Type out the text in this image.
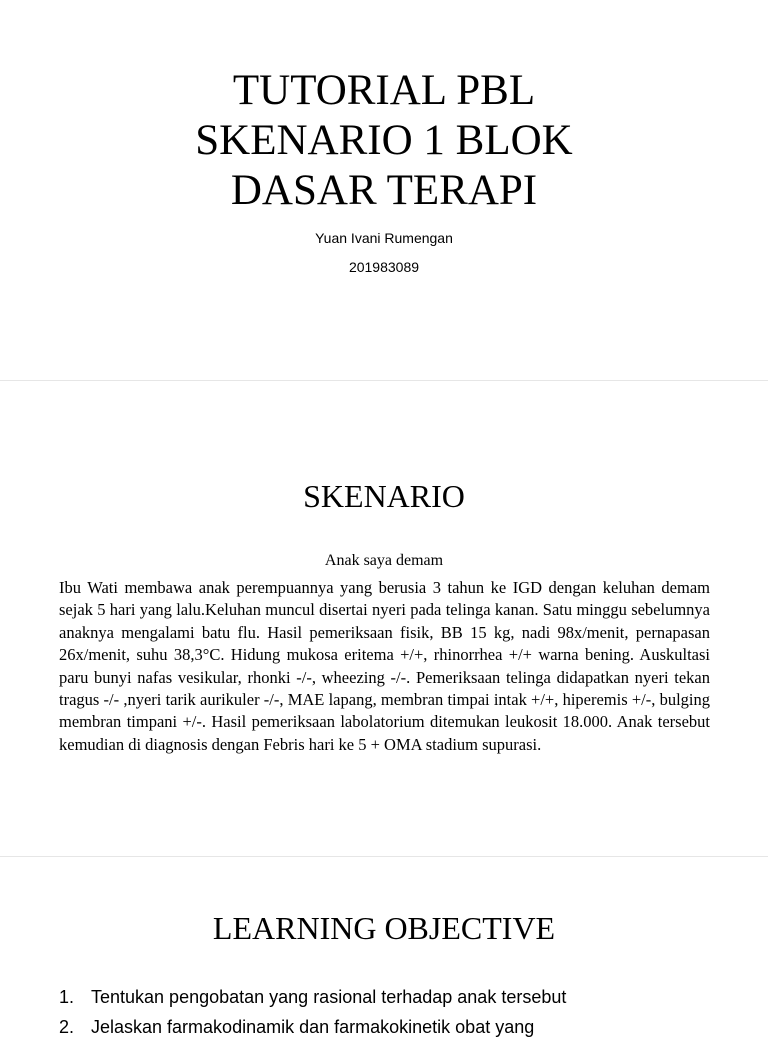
TUTORIAL PBL
SKENARIO 1 BLOK
DASAR TERAPI
Yuan Ivani Rumengan
201983089
SKENARIO
Anak saya demam

Ibu Wati membawa anak perempuannya yang berusia 3 tahun ke IGD dengan keluhan demam sejak 5 hari yang lalu.Keluhan muncul disertai nyeri pada telinga kanan. Satu minggu sebelumnya anaknya mengalami batu flu. Hasil pemeriksaan fisik, BB 15 kg, nadi 98x/menit, pernapasan 26x/menit, suhu 38,3°C. Hidung mukosa eritema +/+, rhinorrhea +/+ warna bening. Auskultasi paru bunyi nafas vesikular, rhonki -/-, wheezing -/-. Pemeriksaan telinga didapatkan nyeri tekan tragus -/- ,nyeri tarik aurikuler -/-, MAE lapang, membran timpai intak +/+, hiperemis +/-, bulging membran timpani +/-. Hasil pemeriksaan labolatorium ditemukan leukosit 18.000. Anak tersebut kemudian di diagnosis dengan Febris hari ke 5 + OMA stadium supurasi.

LEARNING OBJECTIVE
1. Tentukan pengobatan yang rasional terhadap anak tersebut
2. Jelaskan farmakodinamik dan farmakokinetik obat yang
